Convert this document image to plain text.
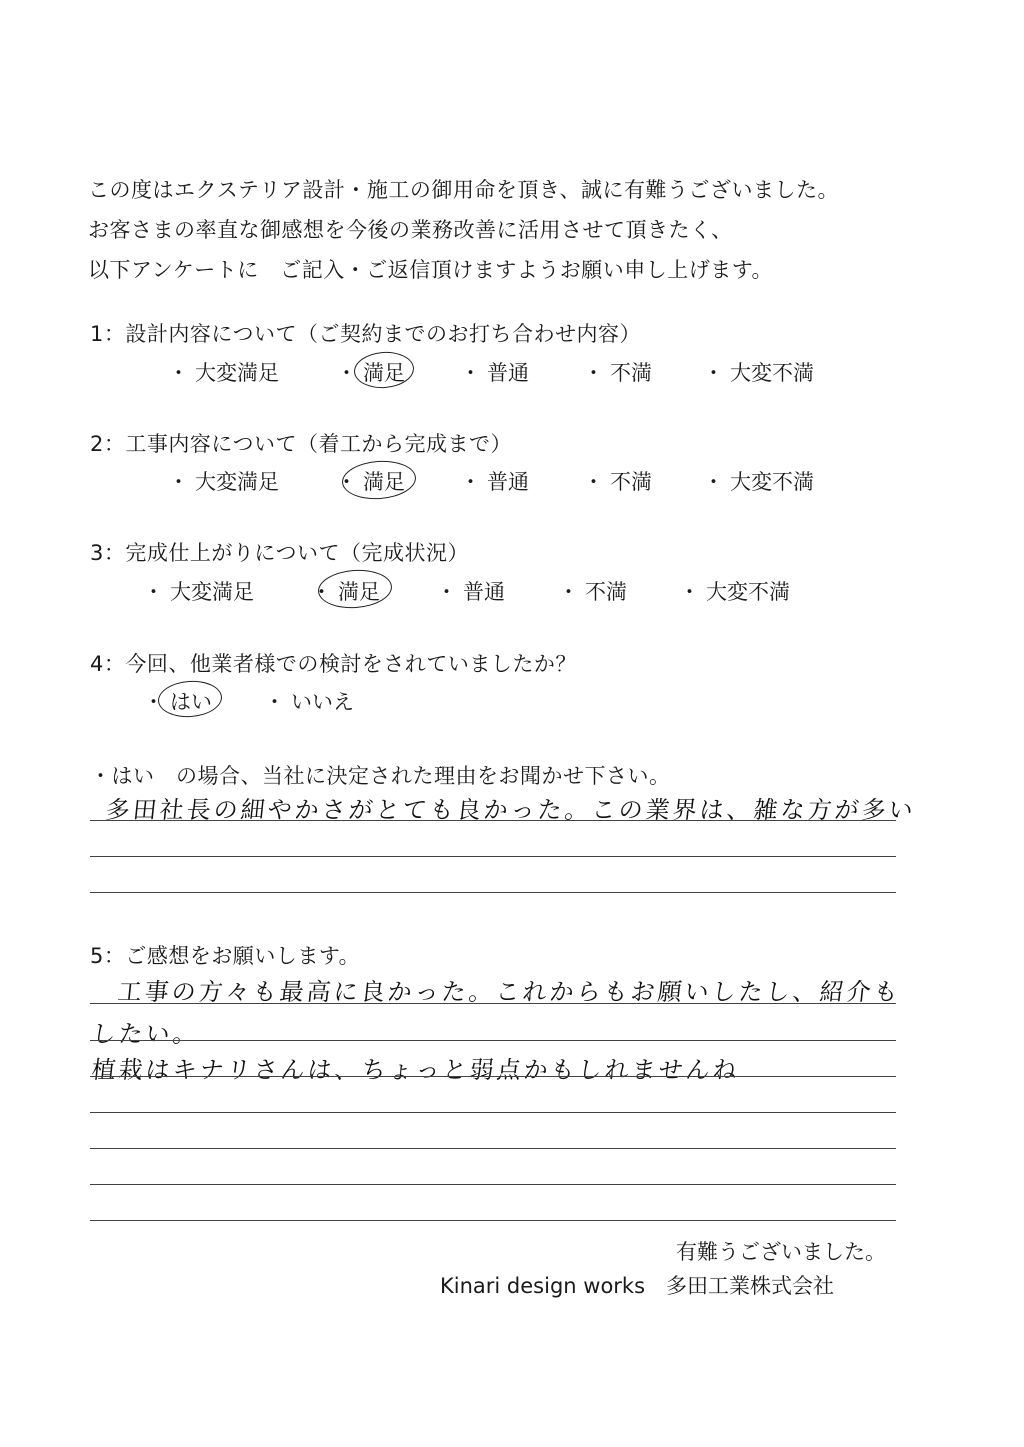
この度はエクステリア設計・施工の御用命を頂き、誠に有難うございました。
お客さまの率直な御感想を今後の業務改善に活用させて頂きたく、
以下アンケートに　ご記入・ご返信頂けますようお願い申し上げます。
1：設計内容について（ご契約までのお打ち合わせ内容）
・ 大変満足	・ 満足	・ 普通	・ 不満 ・ 大変不満
2：工事内容について（着工から完成まで）
・ 大変満足	・ 満足	・ 普通	・ 不満 ・ 大変不満
3：完成仕上がりについて（完成状況）
・ 大変満足	・ 満足	・ 普通	・ 不満 ・ 大変不満
4：今回、他業者様での検討をされていましたか？
・ はい ・ いいえ
・はい　の場合、当社に決定された理由をお聞かせ下さい。
多田社長の細やかさがとても良かった。この業界は、雑な方が多い
5：ご感想をお願いします。
工事の方々も最高に良かった。これからもお願いしたし、紹介も
したい。
植栽はキナリさんは、ちょっと弱点かもしれませんね
有難うございました。
Kinari design works　多田工業株式会社
